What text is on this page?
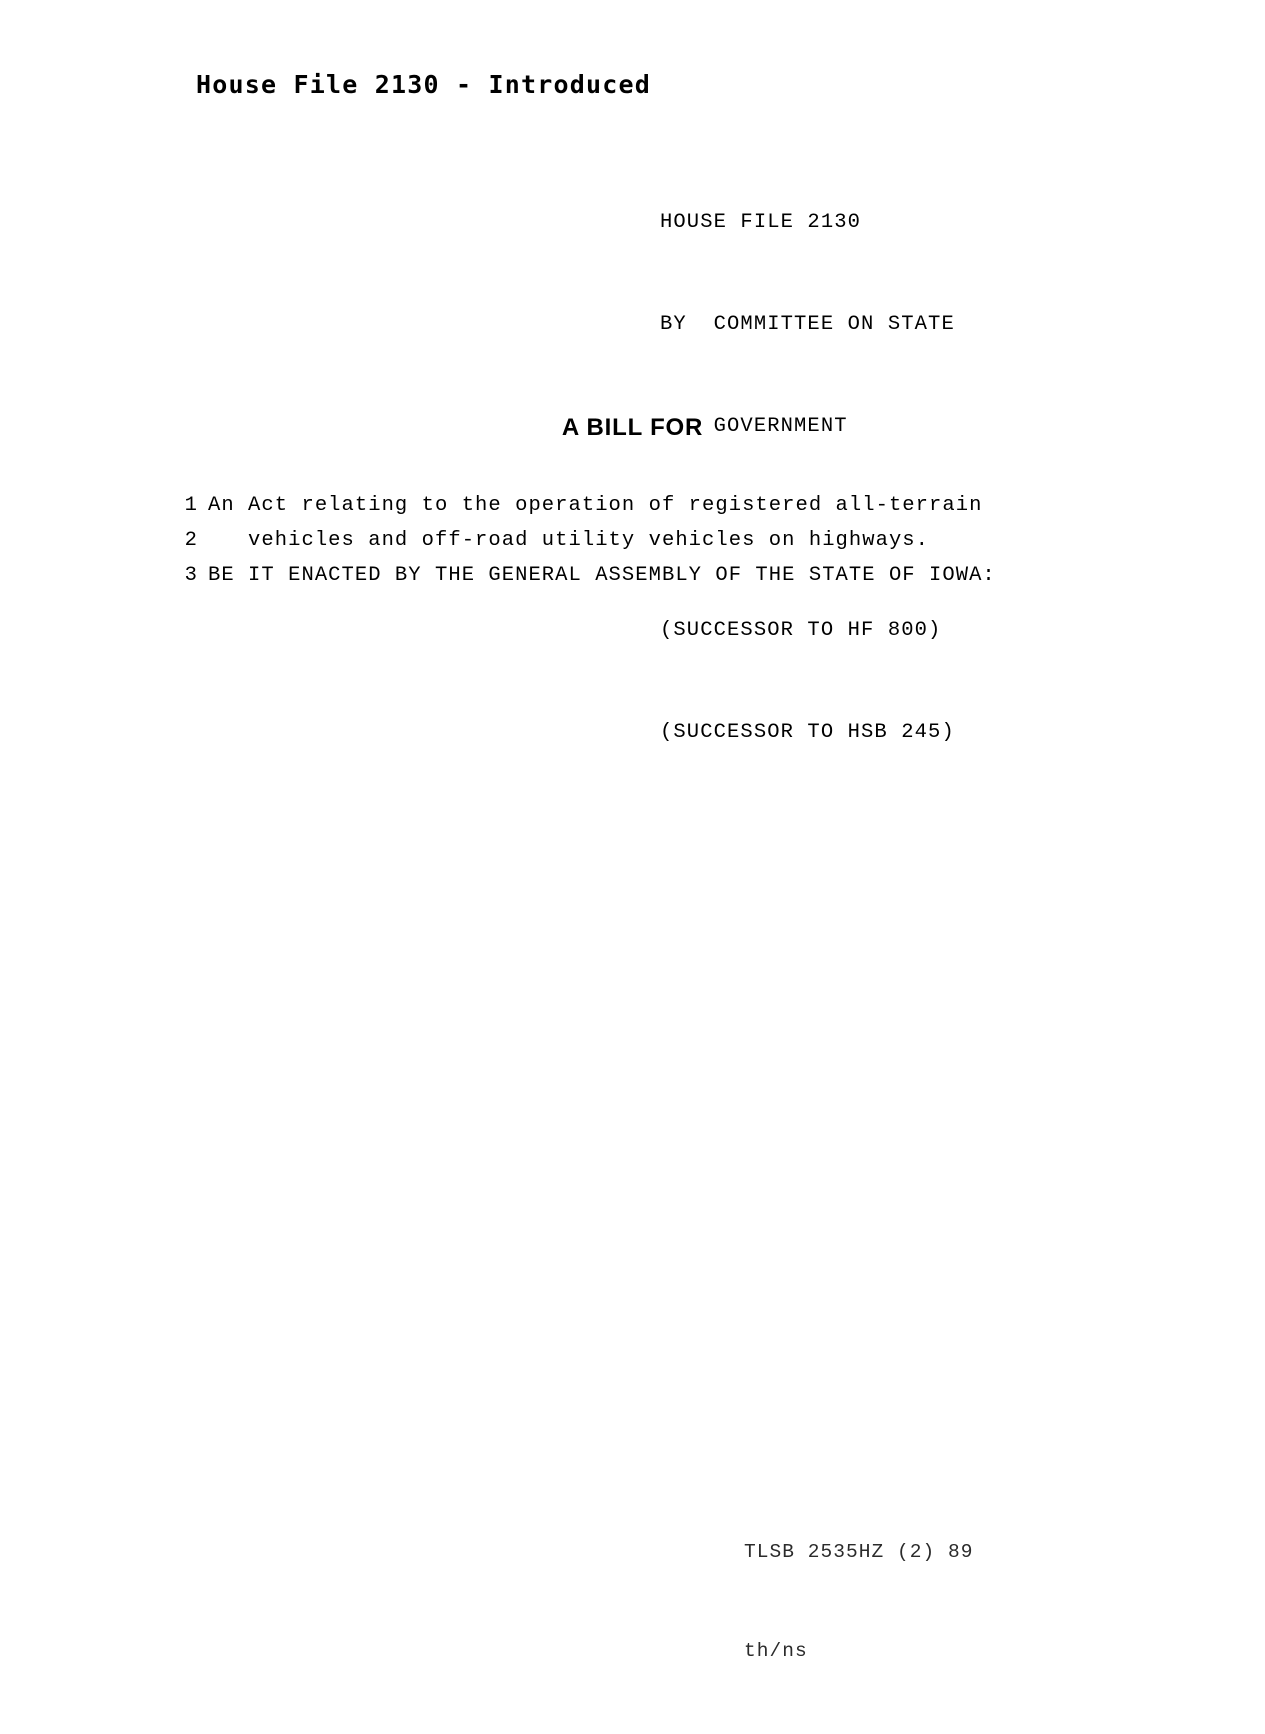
House File 2130 - Introduced

HOUSE FILE 2130

BY  COMMITTEE ON STATE

GOVERNMENT

(SUCCESSOR TO HF 800)

(SUCCESSOR TO HSB 245)

A BILL FOR
1 An Act relating to the operation of registered all-terrain
2 vehicles and off-road utility vehicles on highways.
3 BE IT ENACTED BY THE GENERAL ASSEMBLY OF THE STATE OF IOWA:

TLSB 2535HZ (2) 89

th/ns
